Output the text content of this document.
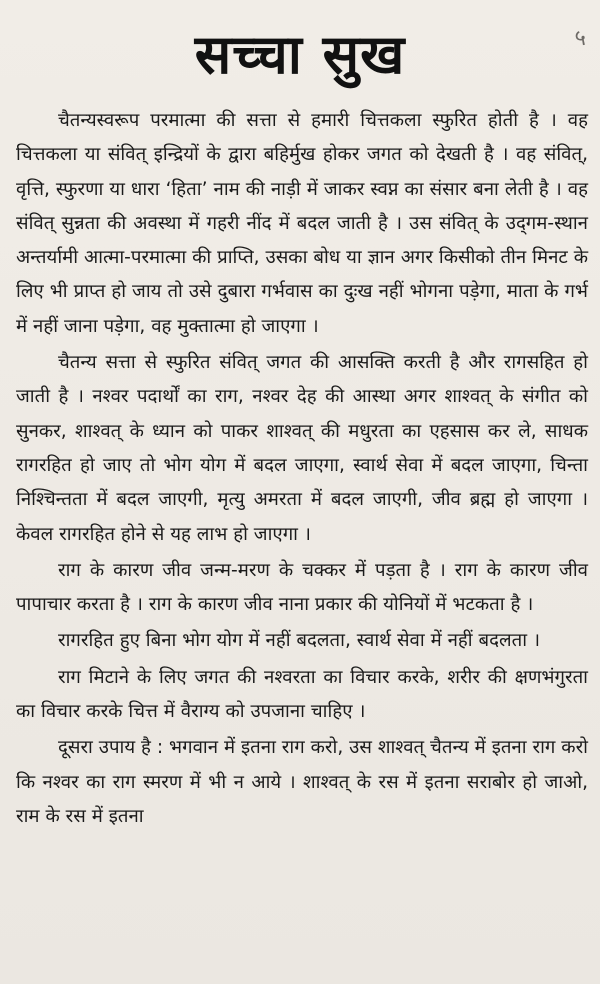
५
सच्चा सुख

चैतन्यस्वरूप परमात्मा की सत्ता से हमारी चित्तकला स्फुरित होती है । वह चित्तकला या संवित् इन्द्रियों के द्वारा बहिर्मुख होकर जगत को देखती है । वह संवित्, वृत्ति, स्फुरणा या धारा ‘हिता’ नाम की नाड़ी में जाकर स्वप्न का संसार बना लेती है । वह संवित् सुन्नता की अवस्था में गहरी नींद में बदल जाती है । उस संवित् के उद्‌गम-स्थान अन्तर्यामी आत्मा-परमात्मा की प्राप्ति, उसका बोध या ज्ञान अगर किसीको तीन मिनट के लिए भी प्राप्त हो जाय तो उसे दुबारा गर्भवास का दुःख नहीं भोगना पड़ेगा, माता के गर्भ में नहीं जाना पड़ेगा, वह मुक्तात्मा हो जाएगा ।

चैतन्य सत्ता से स्फुरित संवित् जगत की आसक्ति करती है और रागसहित हो जाती है । नश्वर पदार्थों का राग, नश्वर देह की आस्था अगर शाश्वत् के संगीत को सुनकर, शाश्वत् के ध्यान को पाकर शाश्वत् की मधुरता का एहसास कर ले, साधक रागरहित हो जाए तो भोग योग में बदल जाएगा, स्वार्थ सेवा में बदल जाएगा, चिन्ता निश्चिन्तता में बदल जाएगी, मृत्यु अमरता में बदल जाएगी, जीव ब्रह्म हो जाएगा । केवल रागरहित होने से यह लाभ हो जाएगा ।

राग के कारण जीव जन्म-मरण के चक्कर में पड़ता है । राग के कारण जीव पापाचार करता है । राग के कारण जीव नाना प्रकार की योनियों में भटकता है ।

रागरहित हुए बिना भोग योग में नहीं बदलता, स्वार्थ सेवा में नहीं बदलता ।

राग मिटाने के लिए जगत की नश्वरता का विचार करके, शरीर की क्षणभंगुरता का विचार करके चित्त में वैराग्य को उपजाना चाहिए ।

दूसरा उपाय है : भगवान में इतना राग करो, उस शाश्वत् चैतन्य में इतना राग करो कि नश्वर का राग स्मरण में भी न आये । शाश्वत् के रस में इतना सराबोर हो जाओ, राम के रस में इतना
